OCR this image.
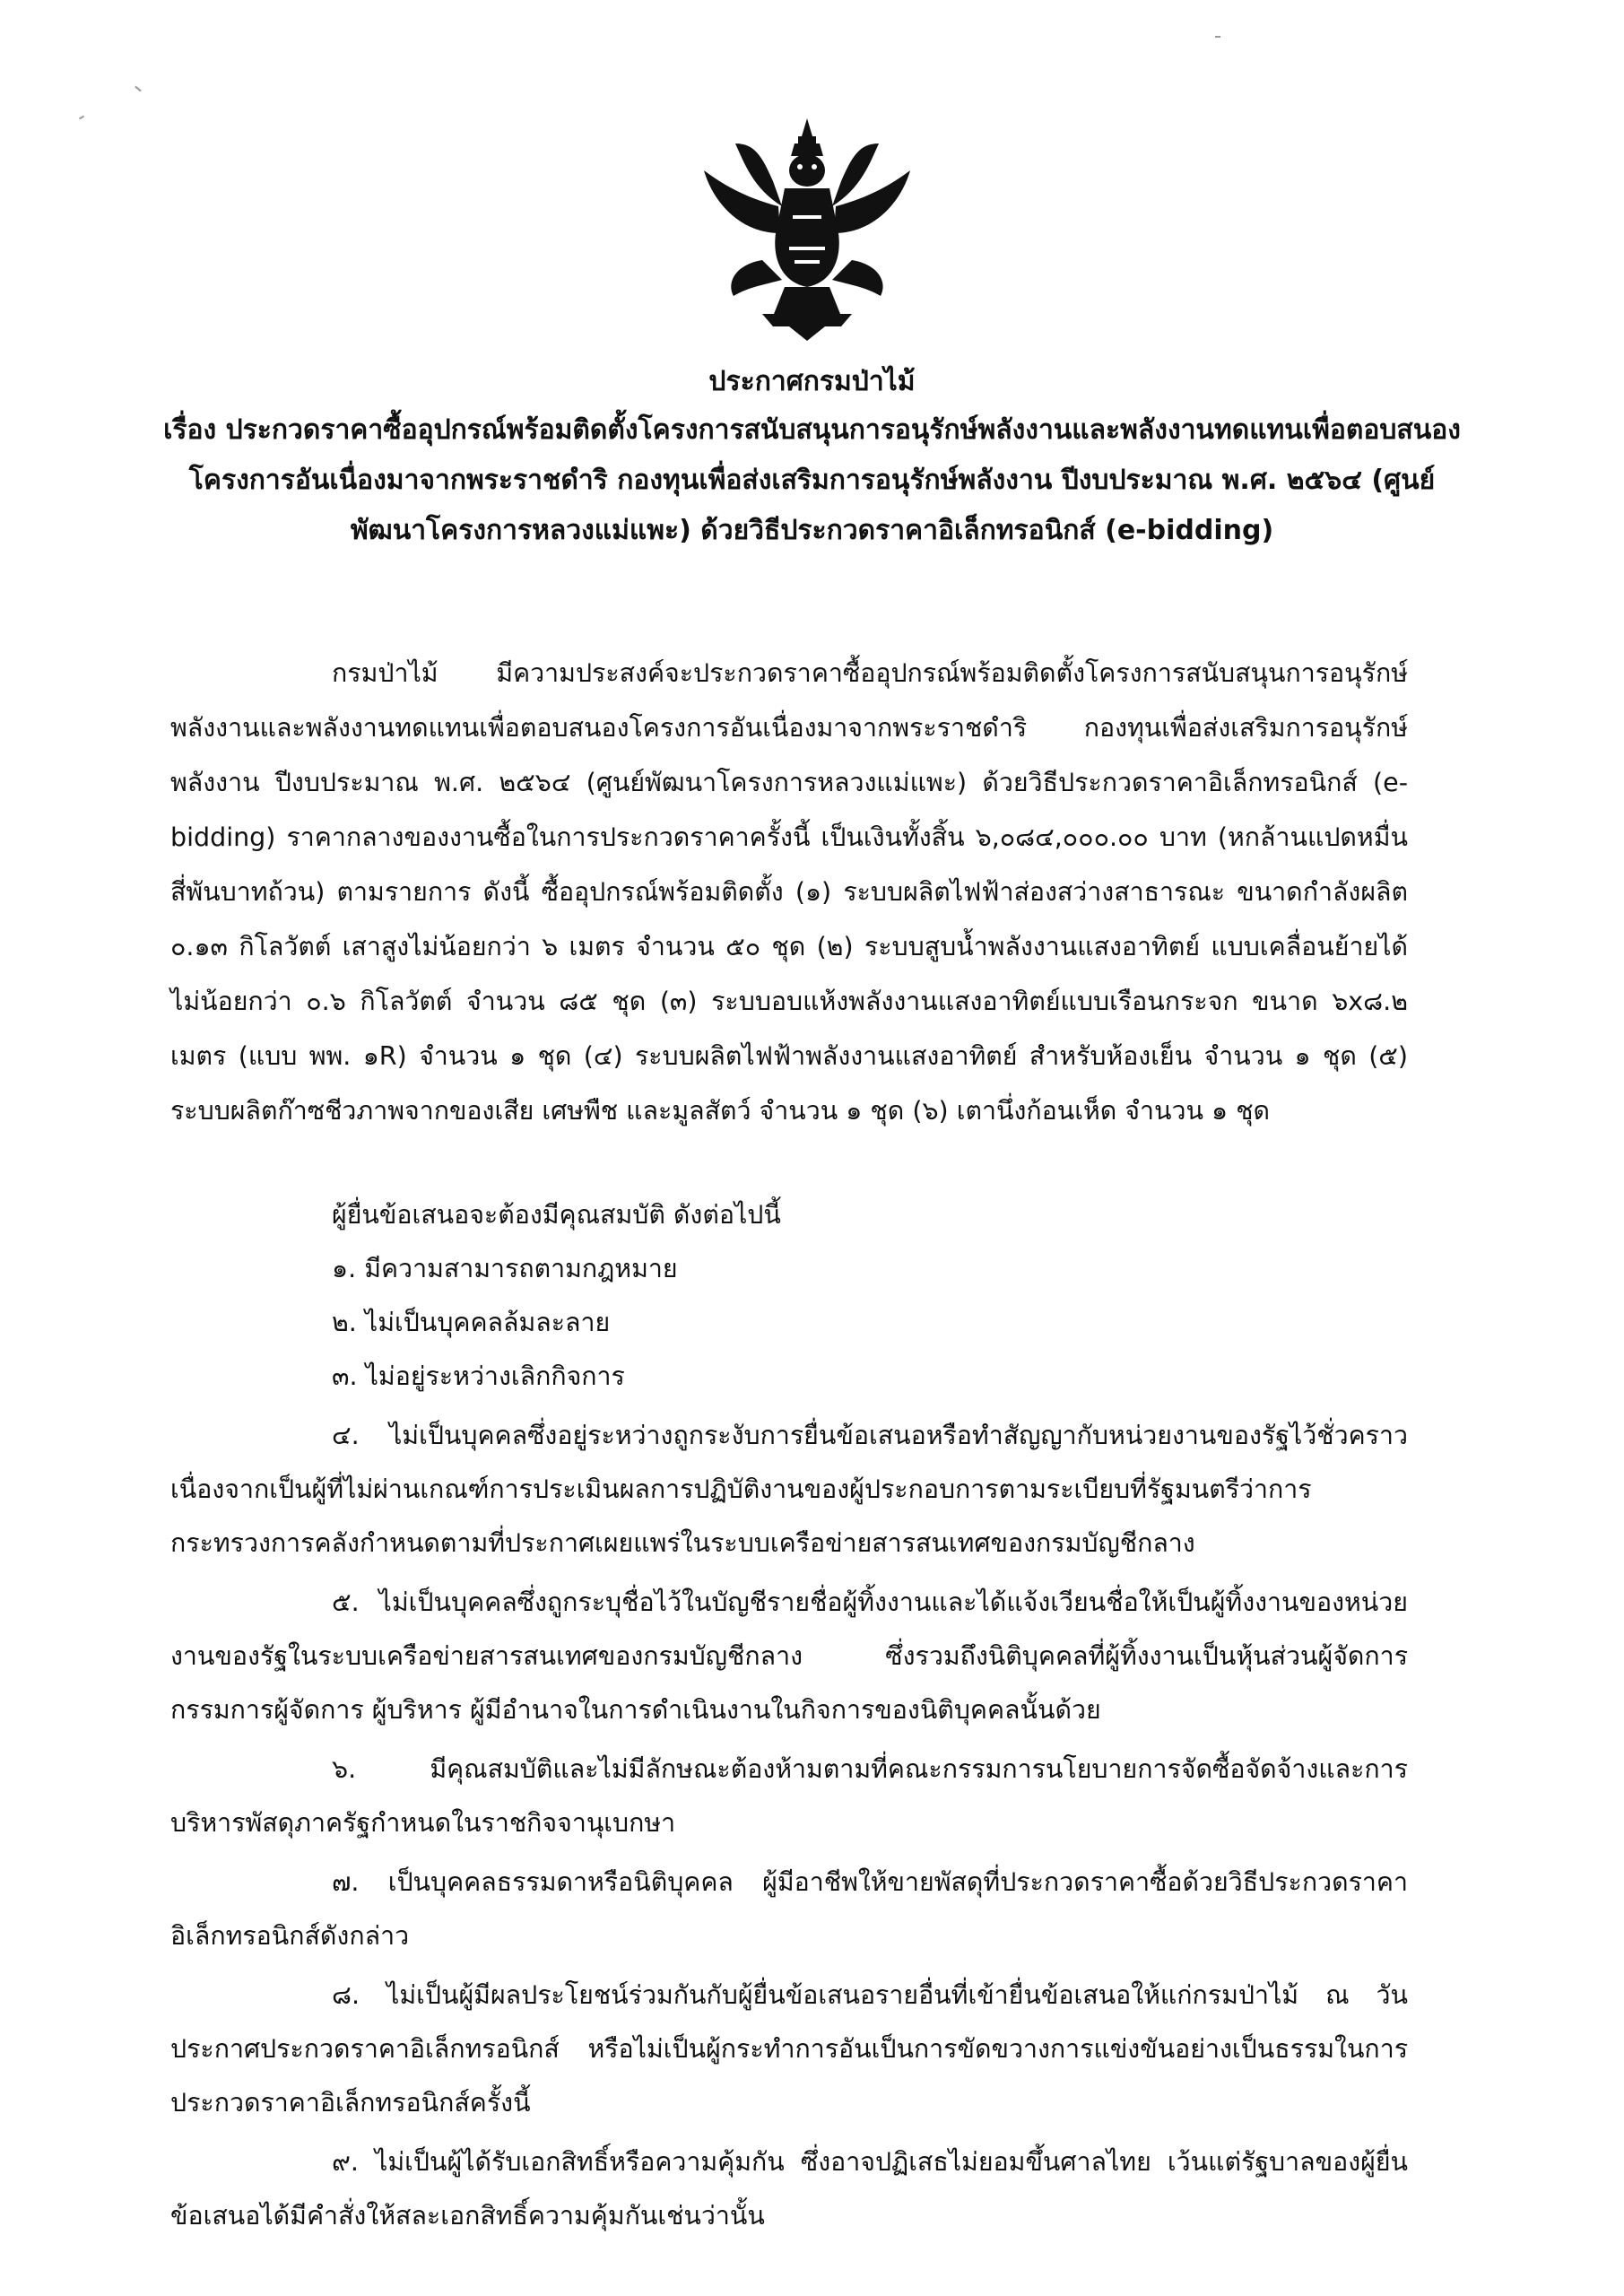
ประกาศกรมป่าไม้
เรื่อง ประกวดราคาซื้ออุปกรณ์พร้อมติดตั้งโครงการสนับสนุนการอนุรักษ์พลังงานและพลังงานทดแทนเพื่อตอบสนองโครงการอันเนื่องมาจากพระราชดำริ กองทุนเพื่อส่งเสริมการอนุรักษ์พลังงาน ปีงบประมาณ พ.ศ. ๒๕๖๔ (ศูนย์พัฒนาโครงการหลวงแม่แพะ) ด้วยวิธีประกวดราคาอิเล็กทรอนิกส์ (e-bidding)
กรมป่าไม้ มีความประสงค์จะประกวดราคาซื้ออุปกรณ์พร้อมติดตั้งโครงการสนับสนุนการอนุรักษ์พลังงานและพลังงานทดแทนเพื่อตอบสนองโครงการอันเนื่องมาจากพระราชดำริ กองทุนเพื่อส่งเสริมการอนุรักษ์พลังงาน ปีงบประมาณ พ.ศ. ๒๕๖๔ (ศูนย์พัฒนาโครงการหลวงแม่แพะ) ด้วยวิธีประกวดราคาอิเล็กทรอนิกส์ (e-bidding) ราคากลางของงานซื้อในการประกวดราคาครั้งนี้ เป็นเงินทั้งสิ้น ๖,๐๘๔,๐๐๐.๐๐ บาท (หกล้านแปดหมื่นสี่พันบาทถ้วน) ตามรายการ ดังนี้ ซื้ออุปกรณ์พร้อมติดตั้ง (๑) ระบบผลิตไฟฟ้าส่องสว่างสาธารณะ ขนาดกำลังผลิต ๐.๑๓ กิโลวัตต์ เสาสูงไม่น้อยกว่า ๖ เมตร จำนวน ๕๐ ชุด (๒) ระบบสูบน้ำพลังงานแสงอาทิตย์ แบบเคลื่อนย้ายได้ไม่น้อยกว่า ๐.๖ กิโลวัตต์ จำนวน ๘๕ ชุด (๓) ระบบอบแห้งพลังงานแสงอาทิตย์แบบเรือนกระจก ขนาด ๖x๘.๒ เมตร (แบบ พพ. ๑R) จำนวน ๑ ชุด (๔) ระบบผลิตไฟฟ้าพลังงานแสงอาทิตย์ สำหรับห้องเย็น จำนวน ๑ ชุด (๕) ระบบผลิตก๊าซชีวภาพจากของเสีย เศษพืช และมูลสัตว์ จำนวน ๑ ชุด (๖) เตานึ่งก้อนเห็ด จำนวน ๑ ชุด
ผู้ยื่นข้อเสนอจะต้องมีคุณสมบัติ ดังต่อไปนี้
๑. มีความสามารถตามกฎหมาย
๒. ไม่เป็นบุคคลล้มละลาย
๓. ไม่อยู่ระหว่างเลิกกิจการ
๔. ไม่เป็นบุคคลซึ่งอยู่ระหว่างถูกระงับการยื่นข้อเสนอหรือทำสัญญากับหน่วยงานของรัฐไว้ชั่วคราว เนื่องจากเป็นผู้ที่ไม่ผ่านเกณฑ์การประเมินผลการปฏิบัติงานของผู้ประกอบการตามระเบียบที่รัฐมนตรีว่าการกระทรวงการคลังกำหนดตามที่ประกาศเผยแพร่ในระบบเครือข่ายสารสนเทศของกรมบัญชีกลาง
๕. ไม่เป็นบุคคลซึ่งถูกระบุชื่อไว้ในบัญชีรายชื่อผู้ทิ้งงานและได้แจ้งเวียนชื่อให้เป็นผู้ทิ้งงานของหน่วยงานของรัฐในระบบเครือข่ายสารสนเทศของกรมบัญชีกลาง ซึ่งรวมถึงนิติบุคคลที่ผู้ทิ้งงานเป็นหุ้นส่วนผู้จัดการ กรรมการผู้จัดการ ผู้บริหาร ผู้มีอำนาจในการดำเนินงานในกิจการของนิติบุคคลนั้นด้วย
๖. มีคุณสมบัติและไม่มีลักษณะต้องห้ามตามที่คณะกรรมการนโยบายการจัดซื้อจัดจ้างและการบริหารพัสดุภาครัฐกำหนดในราชกิจจานุเบกษา
๗. เป็นบุคคลธรรมดาหรือนิติบุคคล ผู้มีอาชีพให้ขายพัสดุที่ประกวดราคาซื้อด้วยวิธีประกวดราคาอิเล็กทรอนิกส์ดังกล่าว
๘. ไม่เป็นผู้มีผลประโยชน์ร่วมกันกับผู้ยื่นข้อเสนอรายอื่นที่เข้ายื่นข้อเสนอให้แก่กรมป่าไม้ ณ วันประกาศประกวดราคาอิเล็กทรอนิกส์ หรือไม่เป็นผู้กระทำการอันเป็นการขัดขวางการแข่งขันอย่างเป็นธรรมในการประกวดราคาอิเล็กทรอนิกส์ครั้งนี้
๙. ไม่เป็นผู้ได้รับเอกสิทธิ์หรือความคุ้มกัน ซึ่งอาจปฏิเสธไม่ยอมขึ้นศาลไทย เว้นแต่รัฐบาลของผู้ยื่นข้อเสนอได้มีคำสั่งให้สละเอกสิทธิ์ความคุ้มกันเช่นว่านั้น
